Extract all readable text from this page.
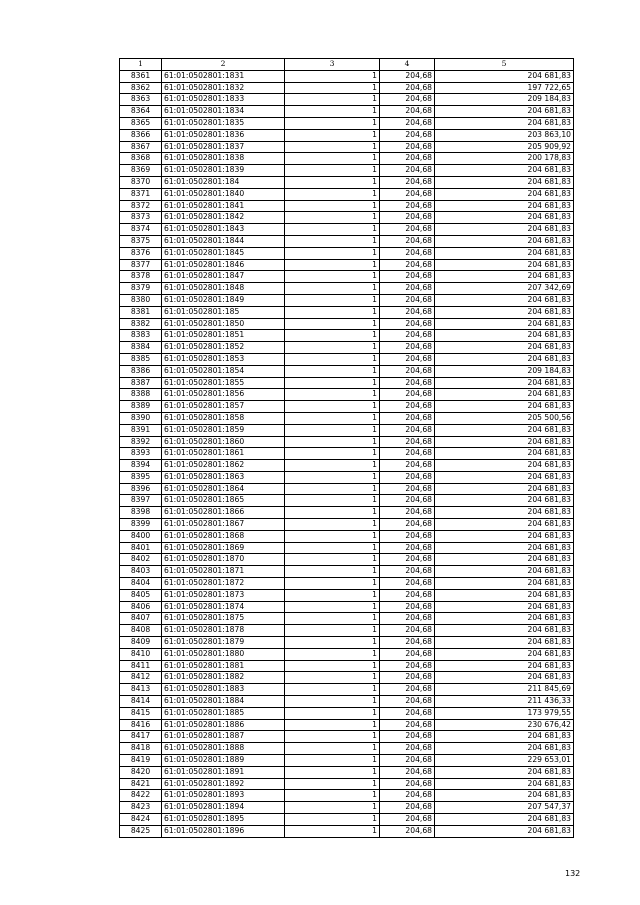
1	2	3	4	5
8361	61:01:0502801:1831	1	204,68	204 681,83
8362	61:01:0502801:1832	1	204,68	197 722,65
8363	61:01:0502801:1833	1	204,68	209 184,83
8364	61:01:0502801:1834	1	204,68	204 681,83
8365	61:01:0502801:1835	1	204,68	204 681,83
8366	61:01:0502801:1836	1	204,68	203 863,10
8367	61:01:0502801:1837	1	204,68	205 909,92
8368	61:01:0502801:1838	1	204,68	200 178,83
8369	61:01:0502801:1839	1	204,68	204 681,83
8370	61:01:0502801:184	1	204,68	204 681,83
8371	61:01:0502801:1840	1	204,68	204 681,83
8372	61:01:0502801:1841	1	204,68	204 681,83
8373	61:01:0502801:1842	1	204,68	204 681,83
8374	61:01:0502801:1843	1	204,68	204 681,83
8375	61:01:0502801:1844	1	204,68	204 681,83
8376	61:01:0502801:1845	1	204,68	204 681,83
8377	61:01:0502801:1846	1	204,68	204 681,83
8378	61:01:0502801:1847	1	204,68	204 681,83
8379	61:01:0502801:1848	1	204,68	207 342,69
8380	61:01:0502801:1849	1	204,68	204 681,83
8381	61:01:0502801:185	1	204,68	204 681,83
8382	61:01:0502801:1850	1	204,68	204 681,83
8383	61:01:0502801:1851	1	204,68	204 681,83
8384	61:01:0502801:1852	1	204,68	204 681,83
8385	61:01:0502801:1853	1	204,68	204 681,83
8386	61:01:0502801:1854	1	204,68	209 184,83
8387	61:01:0502801:1855	1	204,68	204 681,83
8388	61:01:0502801:1856	1	204,68	204 681,83
8389	61:01:0502801:1857	1	204,68	204 681,83
8390	61:01:0502801:1858	1	204,68	205 500,56
8391	61:01:0502801:1859	1	204,68	204 681,83
8392	61:01:0502801:1860	1	204,68	204 681,83
8393	61:01:0502801:1861	1	204,68	204 681,83
8394	61:01:0502801:1862	1	204,68	204 681,83
8395	61:01:0502801:1863	1	204,68	204 681,83
8396	61:01:0502801:1864	1	204,68	204 681,83
8397	61:01:0502801:1865	1	204,68	204 681,83
8398	61:01:0502801:1866	1	204,68	204 681,83
8399	61:01:0502801:1867	1	204,68	204 681,83
8400	61:01:0502801:1868	1	204,68	204 681,83
8401	61:01:0502801:1869	1	204,68	204 681,83
8402	61:01:0502801:1870	1	204,68	204 681,83
8403	61:01:0502801:1871	1	204,68	204 681,83
8404	61:01:0502801:1872	1	204,68	204 681,83
8405	61:01:0502801:1873	1	204,68	204 681,83
8406	61:01:0502801:1874	1	204,68	204 681,83
8407	61:01:0502801:1875	1	204,68	204 681,83
8408	61:01:0502801:1878	1	204,68	204 681,83
8409	61:01:0502801:1879	1	204,68	204 681,83
8410	61:01:0502801:1880	1	204,68	204 681,83
8411	61:01:0502801:1881	1	204,68	204 681,83
8412	61:01:0502801:1882	1	204,68	204 681,83
8413	61:01:0502801:1883	1	204,68	211 845,69
8414	61:01:0502801:1884	1	204,68	211 436,33
8415	61:01:0502801:1885	1	204,68	173 979,55
8416	61:01:0502801:1886	1	204,68	230 676,42
8417	61:01:0502801:1887	1	204,68	204 681,83
8418	61:01:0502801:1888	1	204,68	204 681,83
8419	61:01:0502801:1889	1	204,68	229 653,01
8420	61:01:0502801:1891	1	204,68	204 681,83
8421	61:01:0502801:1892	1	204,68	204 681,83
8422	61:01:0502801:1893	1	204,68	204 681,83
8423	61:01:0502801:1894	1	204,68	207 547,37
8424	61:01:0502801:1895	1	204,68	204 681,83
8425	61:01:0502801:1896	1	204,68	204 681,83
132
